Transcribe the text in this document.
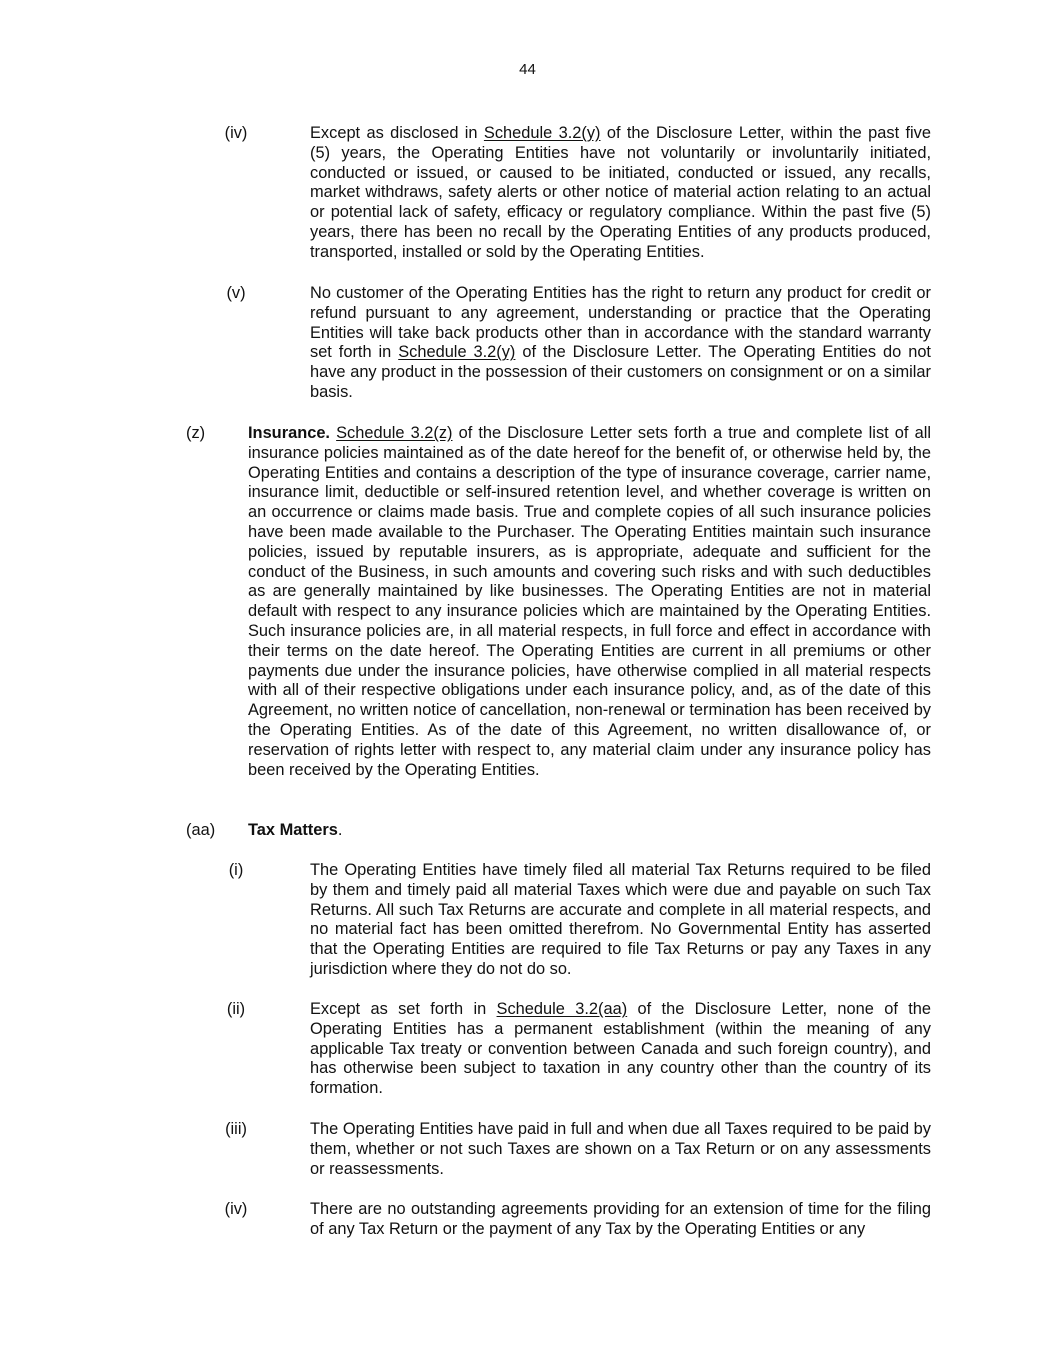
44
(iv)	Except as disclosed in Schedule 3.2(y) of the Disclosure Letter, within the past five (5) years, the Operating Entities have not voluntarily or involuntarily initiated, conducted or issued, or caused to be initiated, conducted or issued, any recalls, market withdraws, safety alerts or other notice of material action relating to an actual or potential lack of safety, efficacy or regulatory compliance. Within the past five (5) years, there has been no recall by the Operating Entities of any products produced, transported, installed or sold by the Operating Entities.
(v)	No customer of the Operating Entities has the right to return any product for credit or refund pursuant to any agreement, understanding or practice that the Operating Entities will take back products other than in accordance with the standard warranty set forth in Schedule 3.2(y) of the Disclosure Letter. The Operating Entities do not have any product in the possession of their customers on consignment or on a similar basis.
(z)	Insurance. Schedule 3.2(z) of the Disclosure Letter sets forth a true and complete list of all insurance policies maintained as of the date hereof for the benefit of, or otherwise held by, the Operating Entities and contains a description of the type of insurance coverage, carrier name, insurance limit, deductible or self-insured retention level, and whether coverage is written on an occurrence or claims made basis. True and complete copies of all such insurance policies have been made available to the Purchaser. The Operating Entities maintain such insurance policies, issued by reputable insurers, as is appropriate, adequate and sufficient for the conduct of the Business, in such amounts and covering such risks and with such deductibles as are generally maintained by like businesses. The Operating Entities are not in material default with respect to any insurance policies which are maintained by the Operating Entities. Such insurance policies are, in all material respects, in full force and effect in accordance with their terms on the date hereof. The Operating Entities are current in all premiums or other payments due under the insurance policies, have otherwise complied in all material respects with all of their respective obligations under each insurance policy, and, as of the date of this Agreement, no written notice of cancellation, non-renewal or termination has been received by the Operating Entities. As of the date of this Agreement, no written disallowance of, or reservation of rights letter with respect to, any material claim under any insurance policy has been received by the Operating Entities.
(aa) Tax Matters.
(i)	The Operating Entities have timely filed all material Tax Returns required to be filed by them and timely paid all material Taxes which were due and payable on such Tax Returns. All such Tax Returns are accurate and complete in all material respects, and no material fact has been omitted therefrom. No Governmental Entity has asserted that the Operating Entities are required to file Tax Returns or pay any Taxes in any jurisdiction where they do not do so.
(ii)	Except as set forth in Schedule 3.2(aa) of the Disclosure Letter, none of the Operating Entities has a permanent establishment (within the meaning of any applicable Tax treaty or convention between Canada and such foreign country), and has otherwise been subject to taxation in any country other than the country of its formation.
(iii)	The Operating Entities have paid in full and when due all Taxes required to be paid by them, whether or not such Taxes are shown on a Tax Return or on any assessments or reassessments.
(iv)	There are no outstanding agreements providing for an extension of time for the filing of any Tax Return or the payment of any Tax by the Operating Entities or any
